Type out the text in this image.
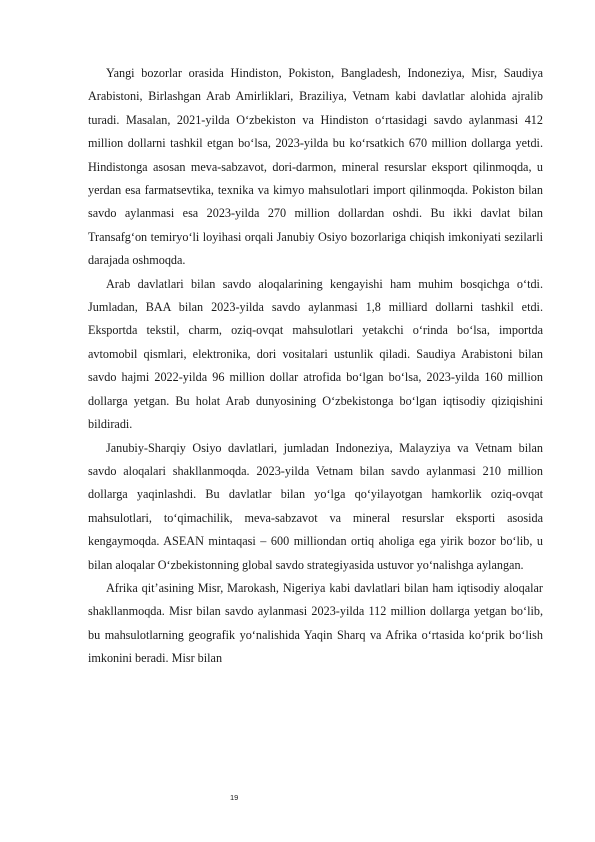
Yangi bozorlar orasida Hindiston, Pokiston, Bangladesh, Indoneziya, Misr, Saudiya Arabistoni, Birlashgan Arab Amirliklari, Braziliya, Vetnam kabi davlatlar alohida ajralib turadi. Masalan, 2021-yilda O‘zbekiston va Hindiston o‘rtasidagi savdo aylanmasi 412 million dollarni tashkil etgan bo‘lsa, 2023-yilda bu ko‘rsatkich 670 million dollarga yetdi. Hindistonga asosan meva-sabzavot, dori-darmon, mineral resurslar eksport qilinmoqda, u yerdan esa farmatsevtika, texnika va kimyo mahsulotlari import qilinmoqda. Pokiston bilan savdo aylanmasi esa 2023-yilda 270 million dollardan oshdi. Bu ikki davlat bilan Transafg‘on temiryo‘li loyihasi orqali Janubiy Osiyo bozorlariga chiqish imkoniyati sezilarli darajada oshmoqda.

Arab davlatlari bilan savdo aloqalarining kengayishi ham muhim bosqichga o‘tdi. Jumladan, BAA bilan 2023-yilda savdo aylanmasi 1,8 milliard dollarni tashkil etdi. Eksportda tekstil, charm, oziq-ovqat mahsulotlari yetakchi o‘rinda bo‘lsa, importda avtomobil qismlari, elektronika, dori vositalari ustunlik qiladi. Saudiya Arabistoni bilan savdo hajmi 2022-yilda 96 million dollar atrofida bo‘lgan bo‘lsa, 2023-yilda 160 million dollarga yetgan. Bu holat Arab dunyosining O‘zbekistonga bo‘lgan iqtisodiy qiziqishini bildiradi.

Janubiy-Sharqiy Osiyo davlatlari, jumladan Indoneziya, Malayziya va Vetnam bilan savdo aloqalari shakllanmoqda. 2023-yilda Vetnam bilan savdo aylanmasi 210 million dollarga yaqinlashdi. Bu davlatlar bilan yo‘lga qo‘yilayotgan hamkorlik oziq-ovqat mahsulotlari, to‘qimachilik, meva-sabzavot va mineral resurslar eksporti asosida kengaymoqda. ASEAN mintaqasi – 600 milliondan ortiq aholiga ega yirik bozor bo‘lib, u bilan aloqalar O‘zbekistonning global savdo strategiyasida ustuvor yo‘nalishga aylangan.

Afrika qit’asining Misr, Marokash, Nigeriya kabi davlatlari bilan ham iqtisodiy aloqalar shakllanmoqda. Misr bilan savdo aylanmasi 2023-yilda 112 million dollarga yetgan bo‘lib, bu mahsulotlarning geografik yo‘nalishida Yaqin Sharq va Afrika o‘rtasida ko‘prik bo‘lish imkonini beradi. Misr bilan

19
